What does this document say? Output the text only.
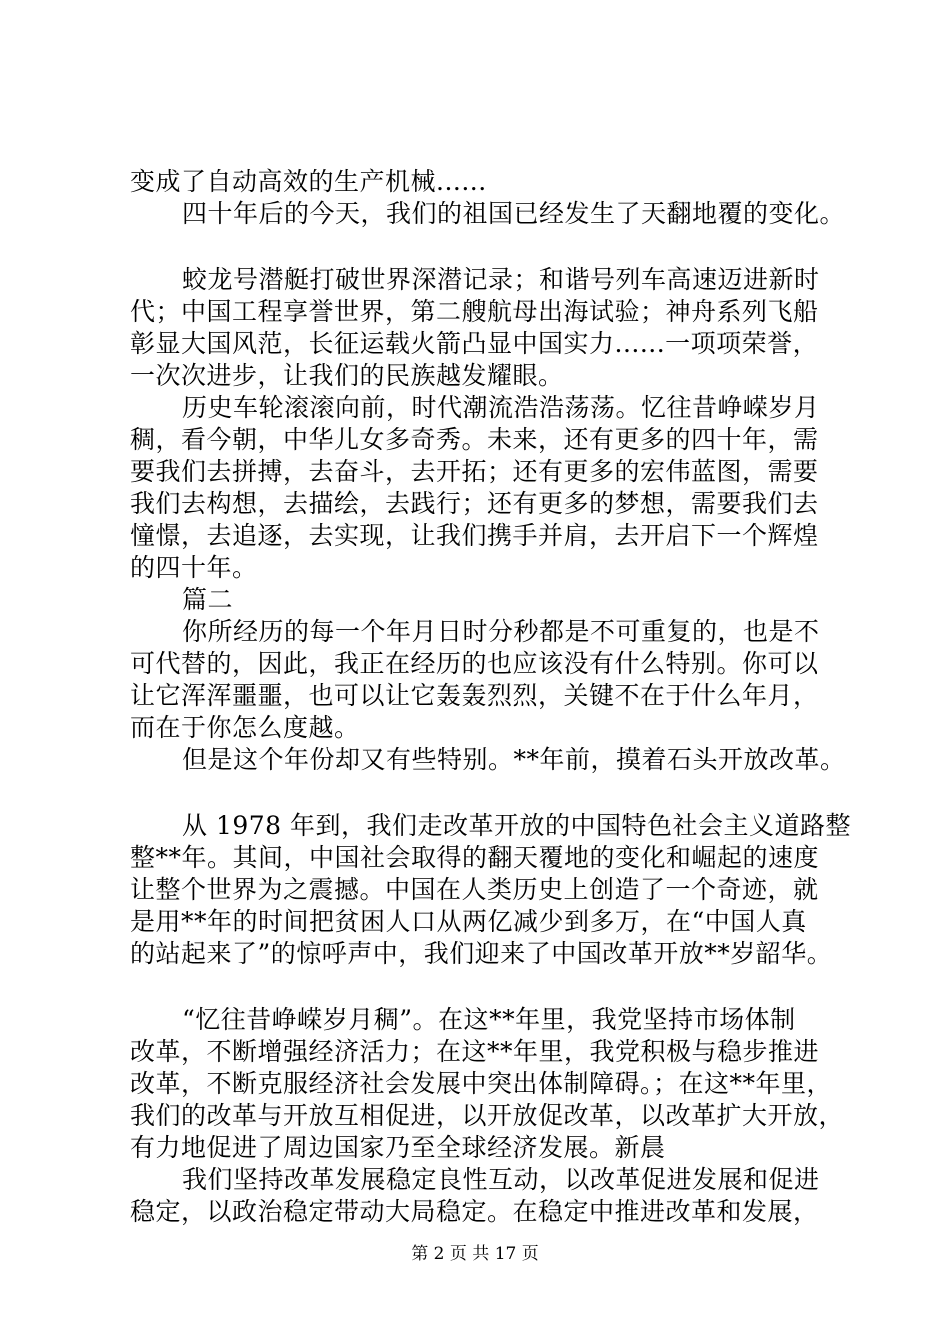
变成了自动高效的生产机械......
四十年后的今天，我们的祖国已经发生了天翻地覆的变化。
蛟龙号潜艇打破世界深潜记录；和谐号列车高速迈进新时
代；中国工程享誉世界，第二艘航母出海试验；神舟系列飞船
彰显大国风范，长征运载火箭凸显中国实力......一项项荣誉，
一次次进步，让我们的民族越发耀眼。
历史车轮滚滚向前，时代潮流浩浩荡荡。忆往昔峥嵘岁月
稠，看今朝，中华儿女多奇秀。未来，还有更多的四十年，需
要我们去拼搏，去奋斗，去开拓；还有更多的宏伟蓝图，需要
我们去构想，去描绘，去践行；还有更多的梦想，需要我们去
憧憬，去追逐，去实现，让我们携手并肩，去开启下一个辉煌
的四十年。
篇二
你所经历的每一个年月日时分秒都是不可重复的，也是不
可代替的，因此，我正在经历的也应该没有什么特别。你可以
让它浑浑噩噩，也可以让它轰轰烈烈，关键不在于什么年月，
而在于你怎么度越。
但是这个年份却又有些特别。**年前，摸着石头开放改革。
从 1978 年到，我们走改革开放的中国特色社会主义道路整
整**年。其间，中国社会取得的翻天覆地的变化和崛起的速度
让整个世界为之震撼。中国在人类历史上创造了一个奇迹，就
是用**年的时间把贫困人口从两亿减少到多万，在“中国人真
的站起来了”的惊呼声中，我们迎来了中国改革开放**岁韶华。
“忆往昔峥嵘岁月稠”。在这**年里，我党坚持市场体制
改革，不断增强经济活力；在这**年里，我党积极与稳步推进
改革，不断克服经济社会发展中突出体制障碍。；在这**年里，
我们的改革与开放互相促进，以开放促改革，以改革扩大开放，
有力地促进了周边国家乃至全球经济发展。新晨
我们坚持改革发展稳定良性互动，以改革促进发展和促进
稳定，以政治稳定带动大局稳定。在稳定中推进改革和发展，
第 2 页 共 17 页
